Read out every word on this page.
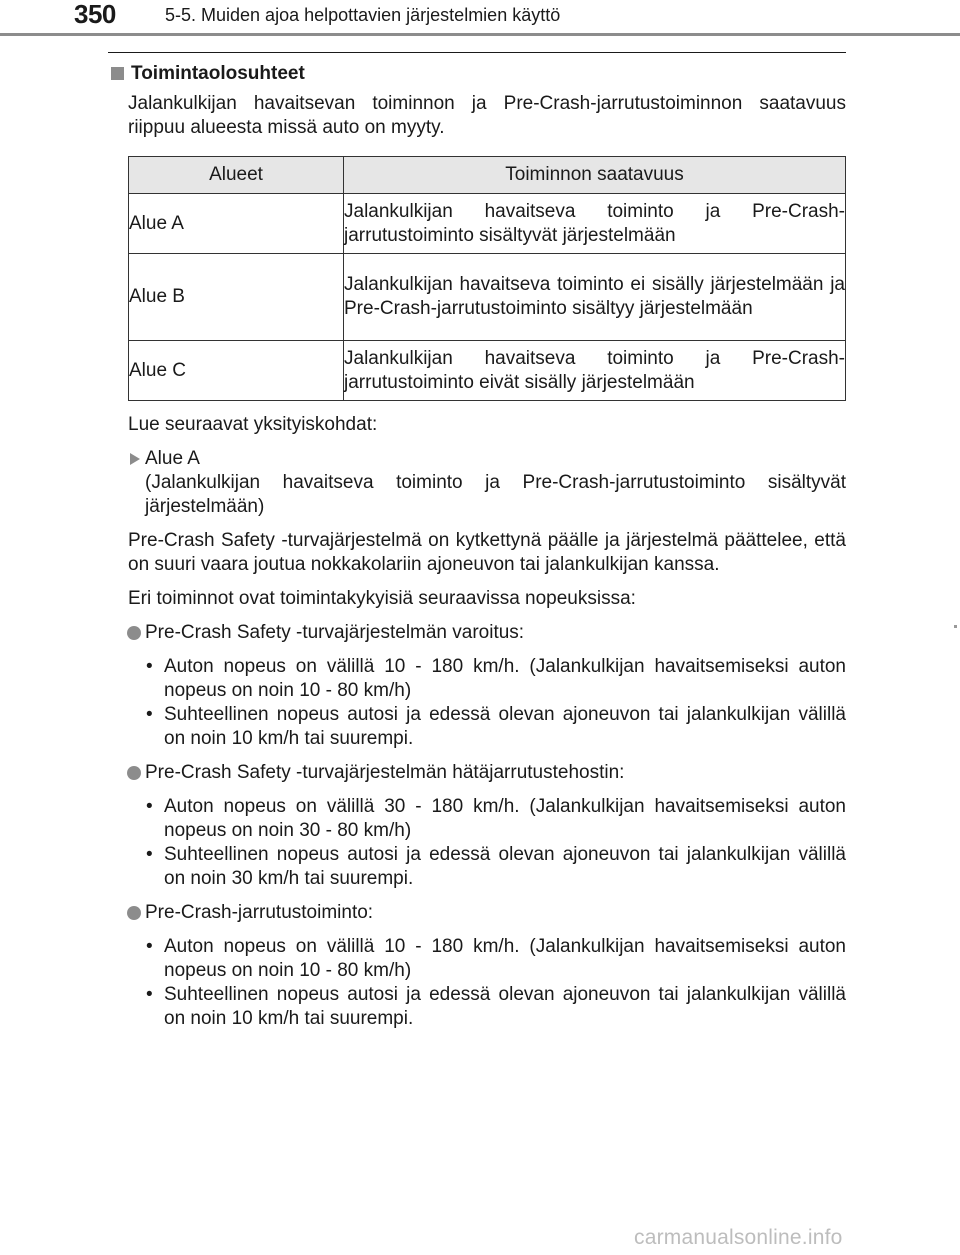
350	5-5. Muiden ajoa helpottavien järjestelmien käyttö
Toimintaolosuhteet
Jalankulkijan havaitsevan toiminnon ja Pre-Crash-jarrutustoiminnon saatavuus riippuu alueesta missä auto on myyty.
Alueet	Toiminnon saatavuus
Alue A	Jalankulkijan havaitseva toiminto ja Pre-Crash-jarrutustoiminto sisältyvät järjestelmään
Alue B	Jalankulkijan havaitseva toiminto ei sisälly järjestelmään ja Pre-Crash-jarrutustoiminto sisältyy järjestelmään
Alue C	Jalankulkijan havaitseva toiminto ja Pre-Crash-jarrutustoiminto eivät sisälly järjestelmään
Lue seuraavat yksityiskohdat:
Alue A
(Jalankulkijan havaitseva toiminto ja Pre-Crash-jarrutustoiminto sisältyvät järjestelmään)
Pre-Crash Safety -turvajärjestelmä on kytkettynä päälle ja järjestelmä päättelee, että on suuri vaara joutua nokkakolariin ajoneuvon tai jalankulkijan kanssa.
Eri toiminnot ovat toimintakykyisiä seuraavissa nopeuksissa:
Pre-Crash Safety -turvajärjestelmän varoitus:
• Auton nopeus on välillä 10 - 180 km/h. (Jalankulkijan havaitsemiseksi auton nopeus on noin 10 - 80 km/h)
• Suhteellinen nopeus autosi ja edessä olevan ajoneuvon tai jalankulkijan välillä on noin 10 km/h tai suurempi.
Pre-Crash Safety -turvajärjestelmän hätäjarrutustehostin:
• Auton nopeus on välillä 30 - 180 km/h. (Jalankulkijan havaitsemiseksi auton nopeus on noin 30 - 80 km/h)
• Suhteellinen nopeus autosi ja edessä olevan ajoneuvon tai jalankulkijan välillä on noin 30 km/h tai suurempi.
Pre-Crash-jarrutustoiminto:
• Auton nopeus on välillä 10 - 180 km/h. (Jalankulkijan havaitsemiseksi auton nopeus on noin 10 - 80 km/h)
• Suhteellinen nopeus autosi ja edessä olevan ajoneuvon tai jalankulkijan välillä on noin 10 km/h tai suurempi.
carmanualsonline.info
